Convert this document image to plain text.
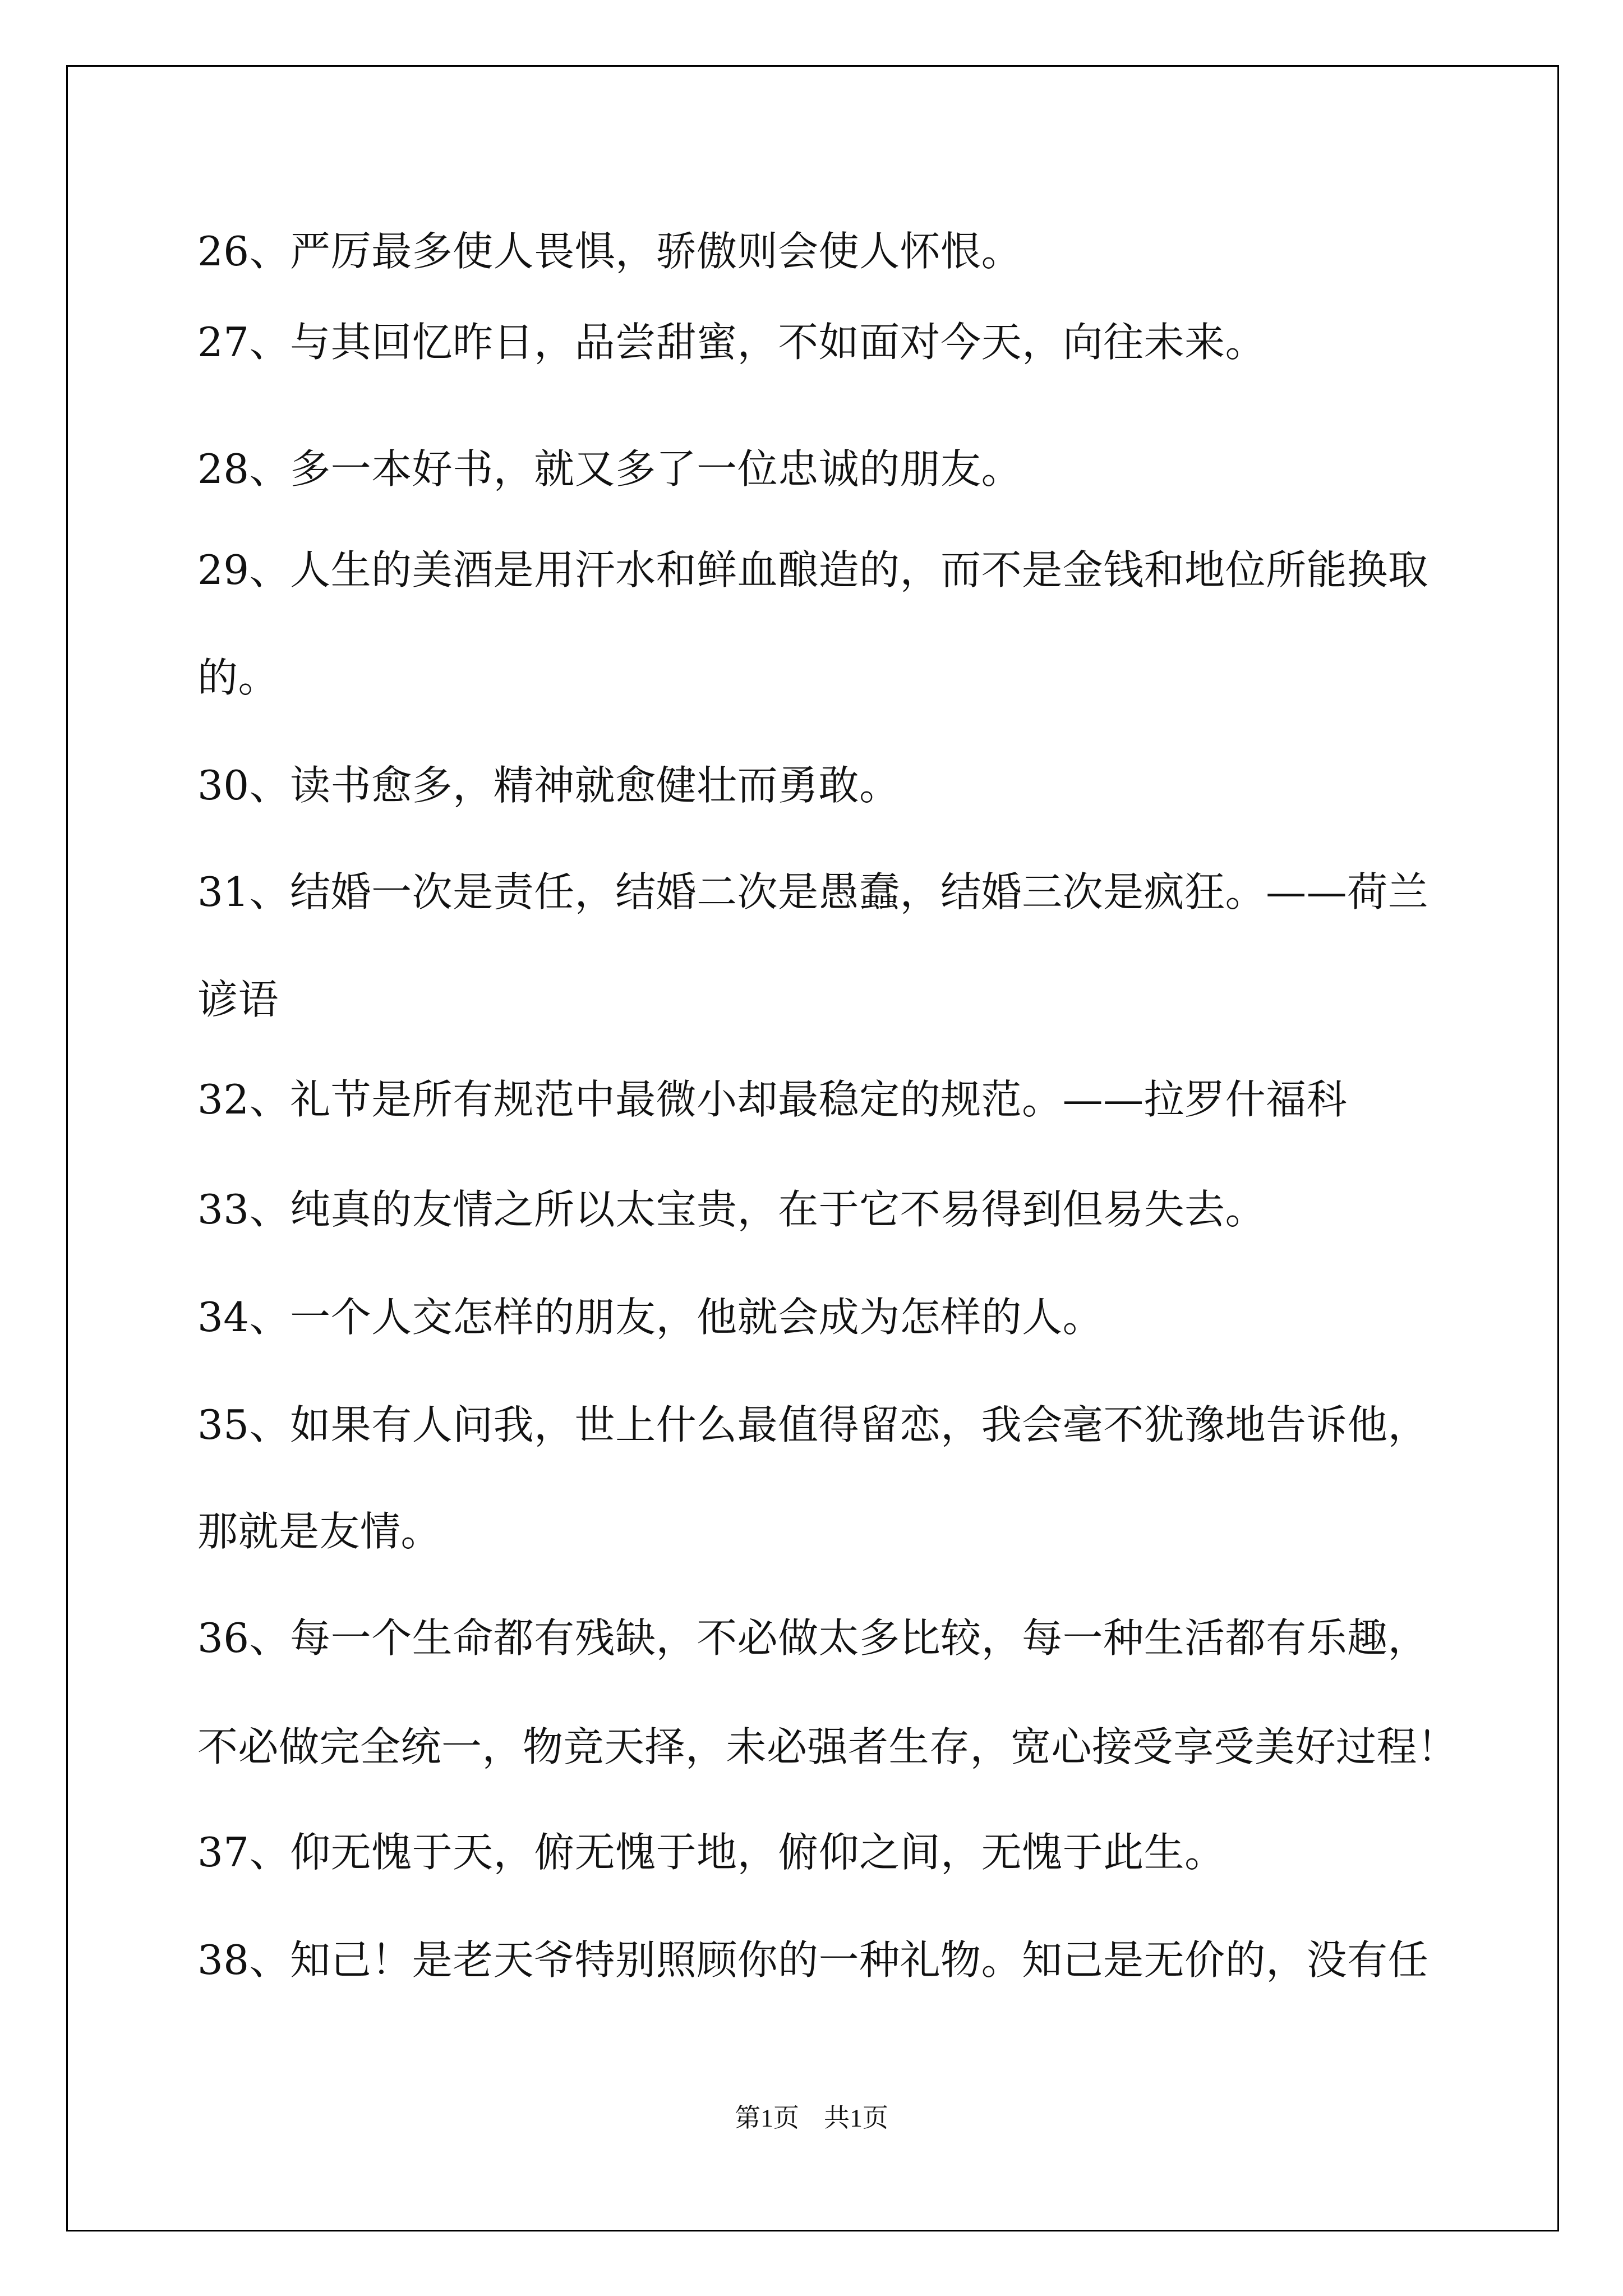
26、严厉最多使人畏惧，骄傲则会使人怀恨。
27、与其回忆昨日，品尝甜蜜，不如面对今天，向往未来。
28、多一本好书，就又多了一位忠诚的朋友。
29、人生的美酒是用汗水和鲜血酿造的，而不是金钱和地位所能换取
的。
30、读书愈多，精神就愈健壮而勇敢。
31、结婚一次是责任，结婚二次是愚蠢，结婚三次是疯狂。——荷兰
谚语
32、礼节是所有规范中最微小却最稳定的规范。——拉罗什福科
33、纯真的友情之所以太宝贵，在于它不易得到但易失去。
34、一个人交怎样的朋友，他就会成为怎样的人。
35、如果有人问我，世上什么最值得留恋，我会毫不犹豫地告诉他，
那就是友情。
36、每一个生命都有残缺，不必做太多比较，每一种生活都有乐趣，
不必做完全统一，物竞天择，未必强者生存，宽心接受享受美好过程！
37、仰无愧于天，俯无愧于地，俯仰之间，无愧于此生。
38、知己！是老天爷特别照顾你的一种礼物。知己是无价的，没有任
第1页 共1页
